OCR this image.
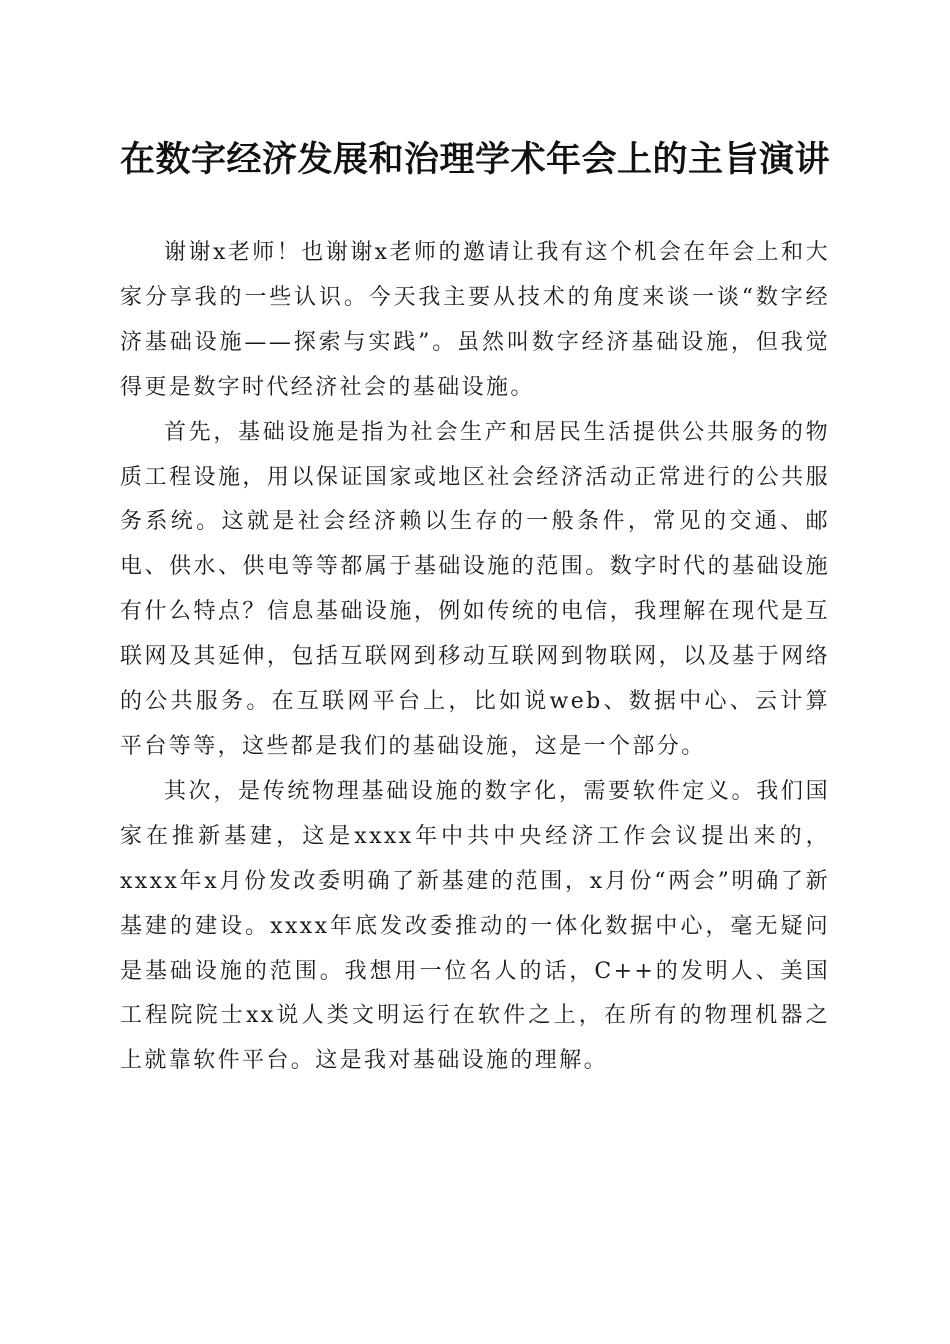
在数字经济发展和治理学术年会上的主旨演讲

谢谢x老师！也谢谢x老师的邀请让我有这个机会在年会上和大家分享我的一些认识。今天我主要从技术的角度来谈一谈“数字经济基础设施——探索与实践”。虽然叫数字经济基础设施，但我觉得更是数字时代经济社会的基础设施。

首先，基础设施是指为社会生产和居民生活提供公共服务的物质工程设施，用以保证国家或地区社会经济活动正常进行的公共服务系统。这就是社会经济赖以生存的一般条件，常见的交通、邮电、供水、供电等等都属于基础设施的范围。数字时代的基础设施有什么特点？信息基础设施，例如传统的电信，我理解在现代是互联网及其延伸，包括互联网到移动互联网到物联网，以及基于网络的公共服务。在互联网平台上，比如说web、数据中心、云计算平台等等，这些都是我们的基础设施，这是一个部分。

其次，是传统物理基础设施的数字化，需要软件定义。我们国家在推新基建，这是xxxx年中共中央经济工作会议提出来的，xxxx年x月份发改委明确了新基建的范围，x月份“两会”明确了新基建的建设。xxxx年底发改委推动的一体化数据中心，毫无疑问是基础设施的范围。我想用一位名人的话，C++的发明人、美国工程院院士xx说人类文明运行在软件之上，在所有的物理机器之上就靠软件平台。这是我对基础设施的理解。
